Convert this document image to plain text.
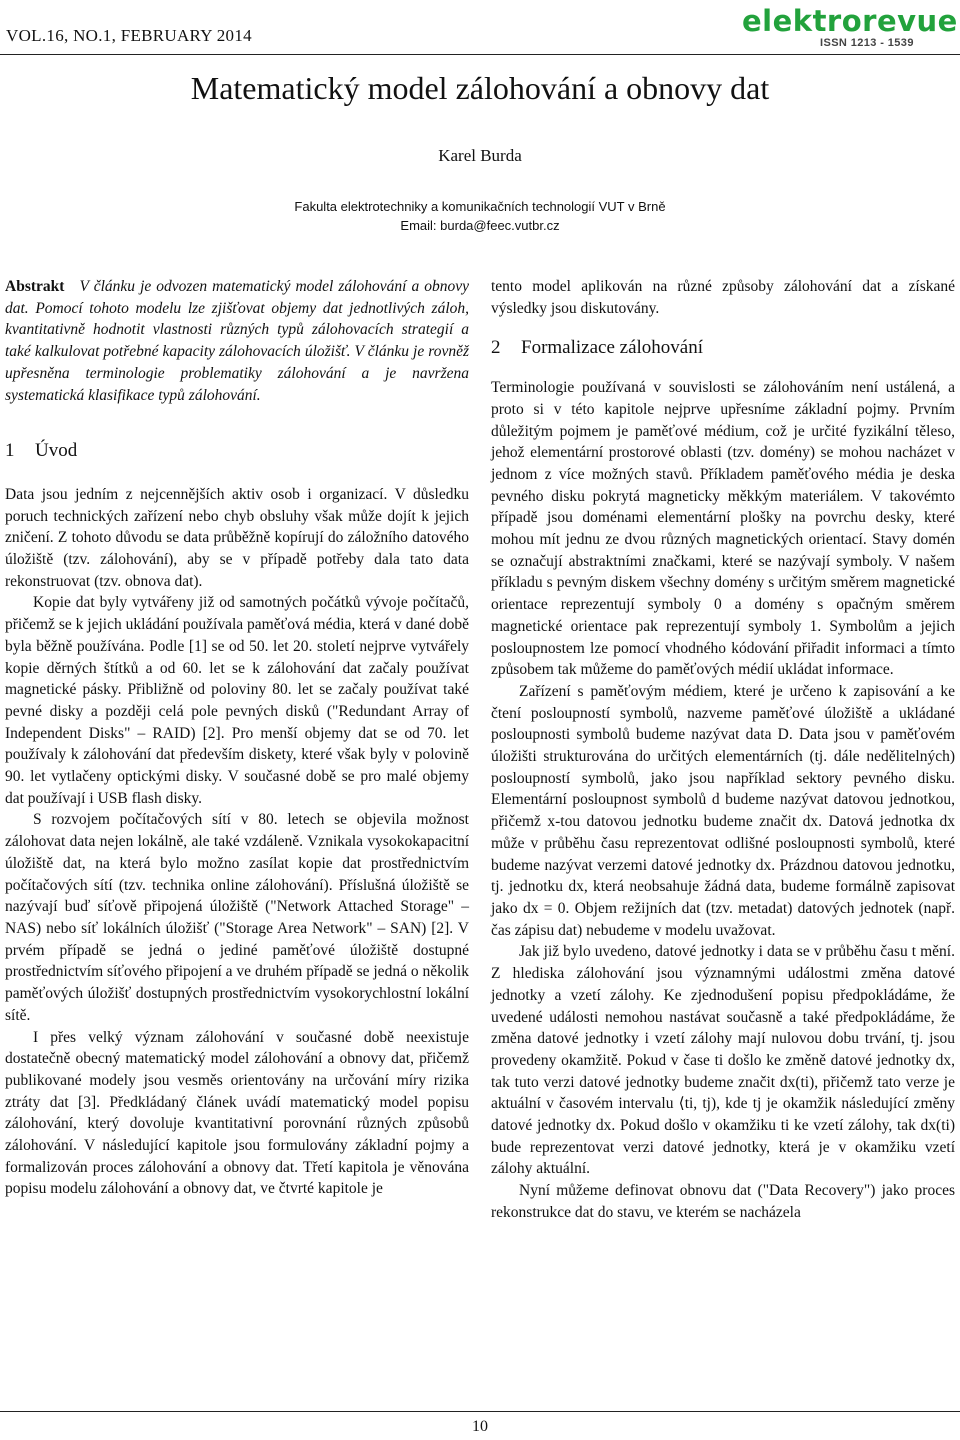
VOL.16, NO.1, FEBRUARY 2014	elektrorevue
ISSN 1213 - 1539
Matematický model zálohování a obnovy dat
Karel Burda
Fakulta elektrotechniky a komunikačních technologií VUT v Brně
Email: burda@feec.vutbr.cz

Abstrakt V článku je odvozen matematický model zálohování a obnovy dat. Pomocí tohoto modelu lze zjišťovat objemy dat jednotlivých záloh, kvantitativně hodnotit vlastnosti různých typů zálohovacích strategií a také kalkulovat potřebné kapacity zálohovacích úložišť. V článku je rovněž upřesněna terminologie problematiky zálohování a je navržena systematická klasifikace typů zálohování.

1 Úvod

Data jsou jedním z nejcennějších aktiv osob i organizací. V důsledku poruch technických zařízení nebo chyb obsluhy však může dojít k jejich zničení. Z tohoto důvodu se data průběžně kopírují do záložního datového úložiště (tzv. zálohování), aby se v případě potřeby dala tato data rekonstruovat (tzv. obnova dat).

Kopie dat byly vytvářeny již od samotných počátků vývoje počítačů, přičemž se k jejich ukládání používala paměťová média, která v dané době byla běžně používána. Podle [1] se od 50. let 20. století nejprve vytvářely kopie děrných štítků a od 60. let se k zálohování dat začaly používat magnetické pásky. Přibližně od poloviny 80. let se začaly používat také pevné disky a později celá pole pevných disků ("Redundant Array of Independent Disks" – RAID) [2]. Pro menší objemy dat se od 70. let používaly k zálohování dat především diskety, které však byly v polovině 90. let vytlačeny optickými disky. V současné době se pro malé objemy dat používají i USB flash disky.

S rozvojem počítačových sítí v 80. letech se objevila možnost zálohovat data nejen lokálně, ale také vzdáleně. Vznikala vysokokapacitní úložiště dat, na která bylo možno zasílat kopie dat prostřednictvím počítačových sítí (tzv. technika online zálohování). Příslušná úložiště se nazývají buď síťově připojená úložiště ("Network Attached Storage" – NAS) nebo síť lokálních úložišť ("Storage Area Network" – SAN) [2]. V prvém případě se jedná o jediné paměťové úložiště dostupné prostřednictvím síťového připojení a ve druhém případě se jedná o několik paměťových úložišť dostupných prostřednictvím vysokorychlostní lokální sítě.

I přes velký význam zálohování v současné době neexistuje dostatečně obecný matematický model zálohování a obnovy dat, přičemž publikované modely jsou vesměs orientovány na určování míry rizika ztráty dat [3]. Předkládaný článek uvádí matematický model popisu zálohování, který dovoluje kvantitativní porovnání různých způsobů zálohování. V následující kapitole jsou formulovány základní pojmy a formalizován proces zálohování a obnovy dat. Třetí kapitola je věnována popisu modelu zálohování a obnovy dat, ve čtvrté kapitole je

tento model aplikován na různé způsoby zálohování dat a získané výsledky jsou diskutovány.

2 Formalizace zálohování

Terminologie používaná v souvislosti se zálohováním není ustálená, a proto si v této kapitole nejprve upřesníme základní pojmy. Prvním důležitým pojmem je paměťové médium, což je určité fyzikální těleso, jehož elementární prostorové oblasti (tzv. domény) se mohou nacházet v jednom z více možných stavů. Příkladem paměťového média je deska pevného disku pokrytá magneticky měkkým materiálem. V takovémto případě jsou doménami elementární plošky na povrchu desky, které mohou mít jednu ze dvou různých magnetických orientací. Stavy domén se označují abstraktními značkami, které se nazývají symboly. V našem příkladu s pevným diskem všechny domény s určitým směrem magnetické orientace reprezentují symboly 0 a domény s opačným směrem magnetické orientace pak reprezentují symboly 1. Symbolům a jejich posloupnostem lze pomocí vhodného kódování přiřadit informaci a tímto způsobem tak můžeme do paměťových médií ukládat informace.

Zařízení s paměťovým médiem, které je určeno k zapisování a ke čtení posloupností symbolů, nazveme paměťové úložiště a ukládané posloupnosti symbolů budeme nazývat data D. Data jsou v paměťovém úložišti strukturována do určitých elementárních (tj. dále nedělitelných) posloupností symbolů, jako jsou například sektory pevného disku. Elementární posloupnost symbolů d budeme nazývat datovou jednotkou, přičemž x-tou datovou jednotku budeme značit dx. Datová jednotka dx může v průběhu času reprezentovat odlišné posloupnosti symbolů, které budeme nazývat verzemi datové jednotky dx. Prázdnou datovou jednotku, tj. jednotku dx, která neobsahuje žádná data, budeme formálně zapisovat jako dx = 0. Objem režijních dat (tzv. metadat) datových jednotek (např. čas zápisu dat) nebudeme v modelu uvažovat.

Jak již bylo uvedeno, datové jednotky i data se v průběhu času t mění. Z hlediska zálohování jsou významnými událostmi změna datové jednotky a vzetí zálohy. Ke zjednodušení popisu předpokládáme, že uvedené události nemohou nastávat současně a také předpokládáme, že změna datové jednotky i vzetí zálohy mají nulovou dobu trvání, tj. jsou provedeny okamžitě. Pokud v čase ti došlo ke změně datové jednotky dx, tak tuto verzi datové jednotky budeme značit dx(ti), přičemž tato verze je aktuální v časovém intervalu ⟨ti, tj), kde tj je okamžik následující změny datové jednotky dx. Pokud došlo v okamžiku ti ke vzetí zálohy, tak dx(ti) bude reprezentovat verzi datové jednotky, která je v okamžiku vzetí zálohy aktuální.

Nyní můžeme definovat obnovu dat ("Data Recovery") jako proces rekonstrukce dat do stavu, ve kterém se nacházela

10
